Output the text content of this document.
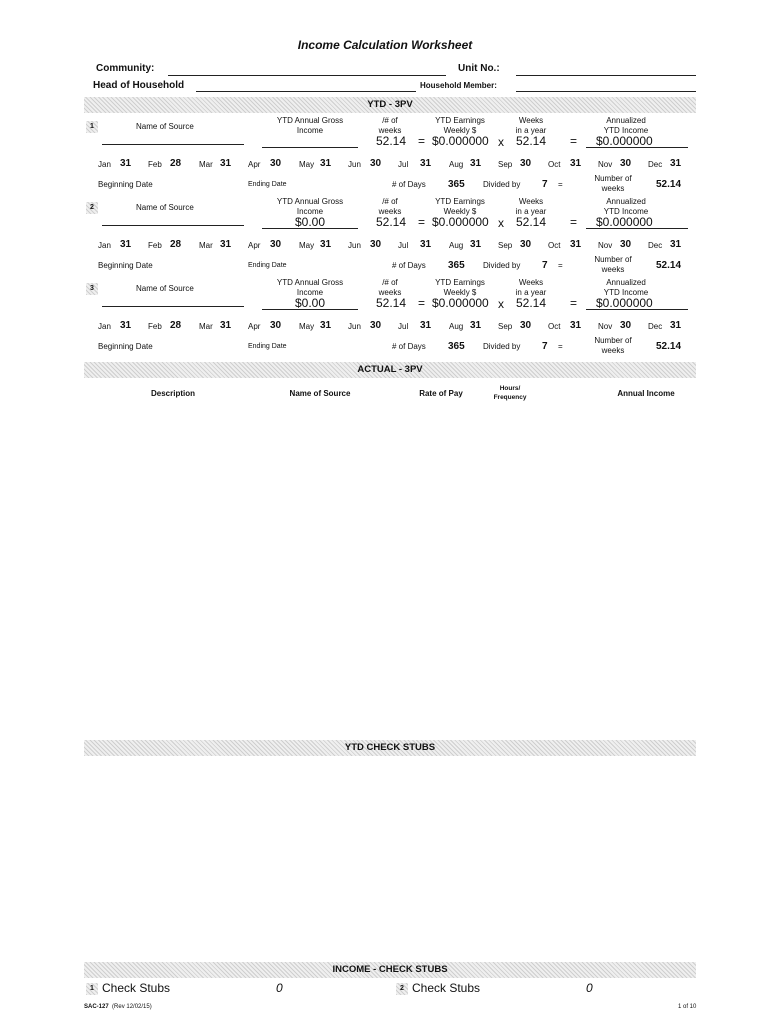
Income Calculation Worksheet
Community:	Unit No.:
Head of Household	Household Member:
YTD - 3PV
1	Name of Source
YTD Annual Gross
Income
/# of
weeks
YTD Earnings
Weekly $
Weeks
in a year
Annualized
YTD Income
52.14 = $0.000000 x 52.14 = $0.000000
Jan 31 Feb 28 Mar 31 Apr 30 May 31 Jun 30 Jul 31 Aug 31 Sep 30 Oct 31 Nov 30 Dec 31
Beginning Date	Ending Date	# of Days 365 Divided by 7 =
Number of
weeks	52.14
2	Name of Source
YTD Annual Gross
Income
/# of
weeks
YTD Earnings
Weekly $
Weeks
in a year
Annualized
YTD Income
$0.00	52.14 = $0.000000 x 52.14 = $0.000000
Jan 31 Feb 28 Mar 31 Apr 30 May 31 Jun 30 Jul 31 Aug 31 Sep 30 Oct 31 Nov 30 Dec 31
Beginning Date	Ending Date	# of Days 365 Divided by 7 =
Number of
weeks	52.14
3	Name of Source
YTD Annual Gross
Income
/# of
weeks
YTD Earnings
Weekly $
Weeks
in a year
Annualized
YTD Income
$0.00	52.14 = $0.000000 x 52.14 = $0.000000
Jan 31 Feb 28 Mar 31 Apr 30 May 31 Jun 30 Jul 31 Aug 31 Sep 30 Oct 31 Nov 30 Dec 31
Beginning Date	Ending Date	# of Days 365 Divided by 7 =
Number of
weeks	52.14
ACTUAL - 3PV
Description	Name of Source	Rate of Pay
Hours/
Frequency	Annual Income
YTD CHECK STUBS
INCOME - CHECK STUBS
1 Check Stubs	0	2 Check Stubs	0
SAC-127 (Rev 12/02/15)	1 of 10
